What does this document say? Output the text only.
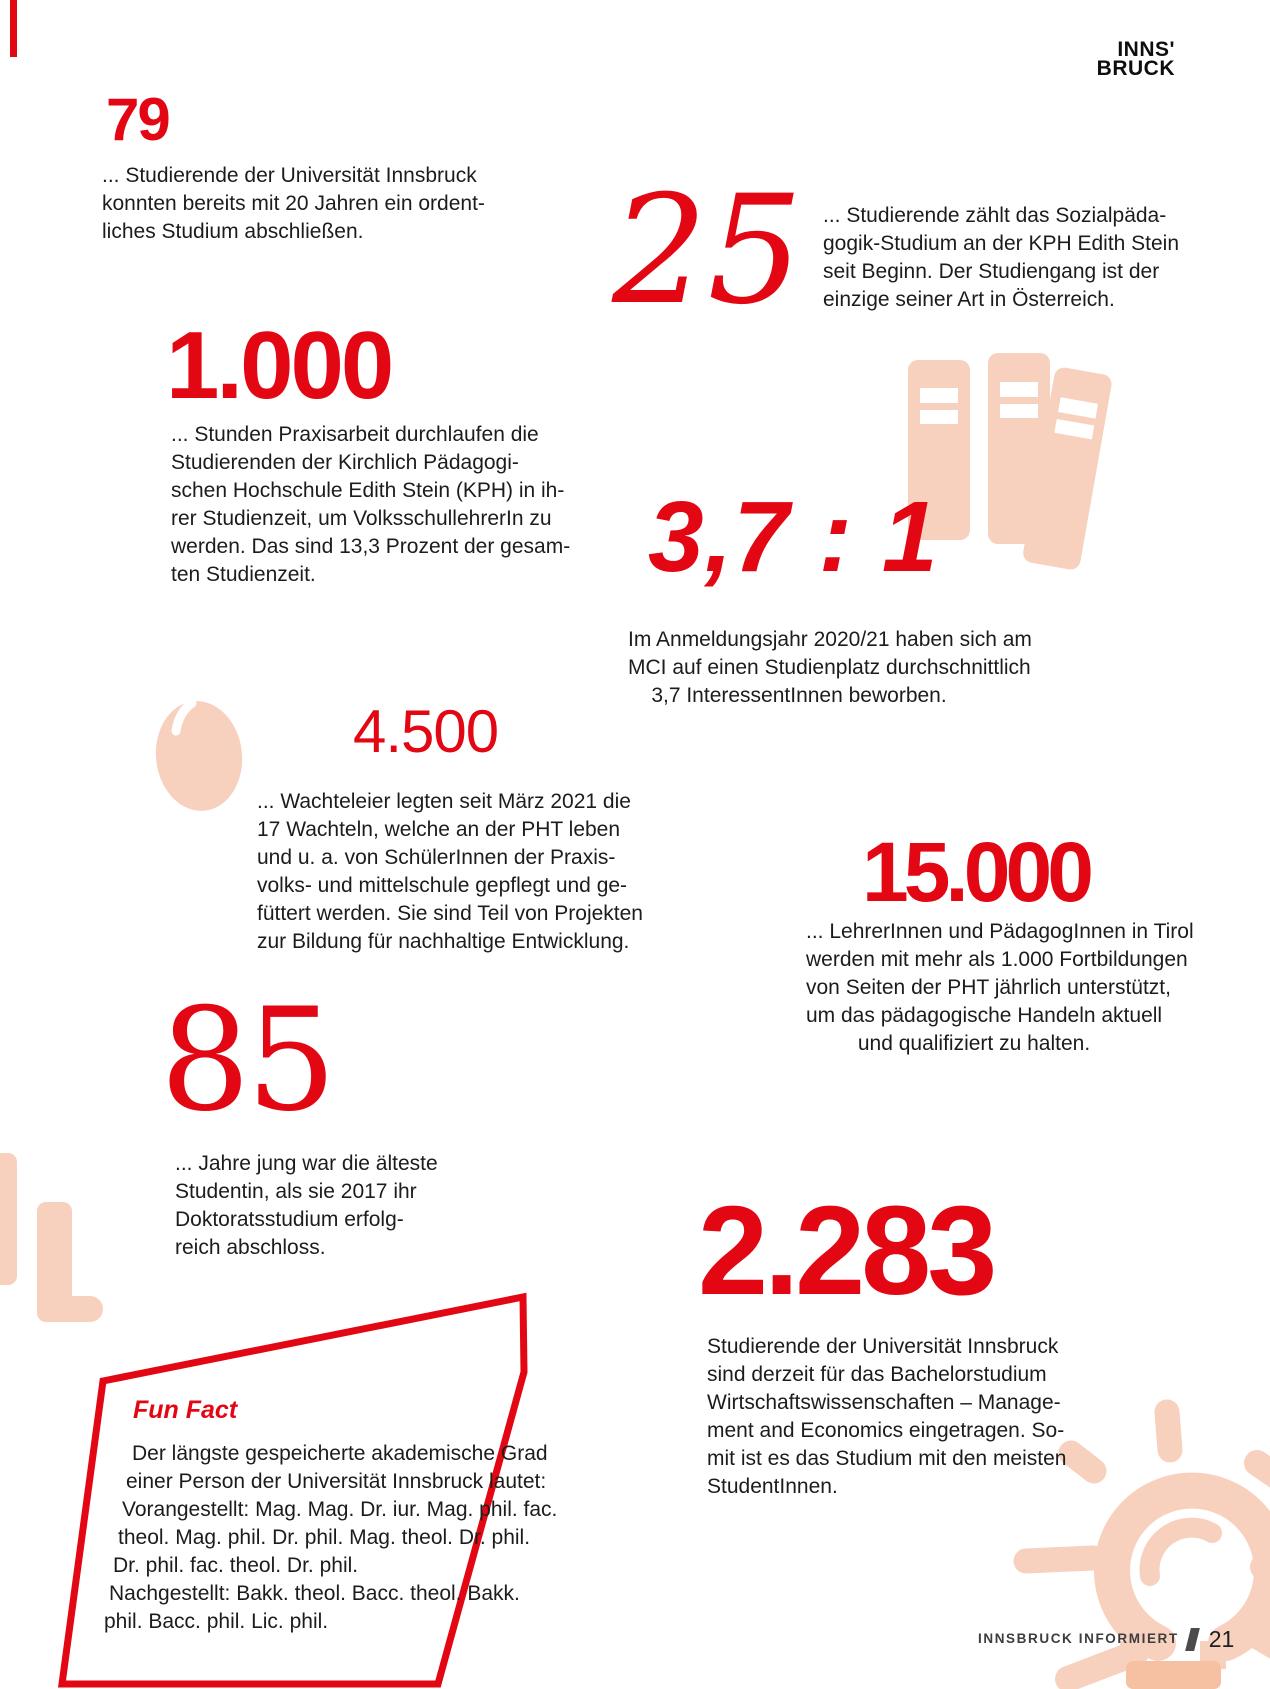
INNS'
BRUCK
79
... Studierende der Universität Innsbruck
konnten bereits mit 20 Jahren ein ordent-
liches Studium abschließen.	25 ... Studierende zählt das Sozialpäda-
gogik-Studium an der KPH Edith Stein
seit Beginn. Der Studiengang ist der
einzige seiner Art in Österreich.
1.000
... Stunden Praxisarbeit durchlaufen die
Studierenden der Kirchlich Pädagogi-
schen Hochschule Edith Stein (KPH) in ih-
rer Studienzeit, um VolksschullehrerIn zu
werden. Das sind 13,3 Prozent der gesam-
ten Studienzeit.	3,7 : 1
Im Anmeldungsjahr 2020/21 haben sich am
MCI auf einen Studienplatz durchschnittlich
3,7 InteressentInnen beworben.
4.500
... Wachteleier legten seit März 2021 die
17 Wachteln, welche an der PHT leben
und u. a. von SchülerInnen der Praxis-
volks- und mittelschule gepflegt und ge-
füttert werden. Sie sind Teil von Projekten
zur Bildung für nachhaltige Entwicklung.
15.000
... LehrerInnen und PädagogInnen in Tirol
werden mit mehr als 1.000 Fortbildungen
von Seiten der PHT jährlich unterstützt,
um das pädagogische Handeln aktuell
und qualifiziert zu halten.
85
... Jahre jung war die älteste
Studentin, als sie 2017 ihr
Doktoratsstudium erfolg-
reich abschloss.	2.283
Studierende der Universität Innsbruck
sind derzeit für das Bachelorstudium
Wirtschaftswissenschaften – Manage-
ment and Economics eingetragen. So-
mit ist es das Studium mit den meisten
StudentInnen.
Fun Fact
Der längste gespeicherte akademische Grad
einer Person der Universität Innsbruck lautet:
Vorangestellt: Mag. Mag. Dr. iur. Mag. phil. fac.
theol. Mag. phil. Dr. phil. Mag. theol. Dr. phil.
Dr. phil. fac. theol. Dr. phil.
Nachgestellt: Bakk. theol. Bacc. theol. Bakk.
phil. Bacc. phil. Lic. phil.
INNSBRUCK INFORMIERT 21
